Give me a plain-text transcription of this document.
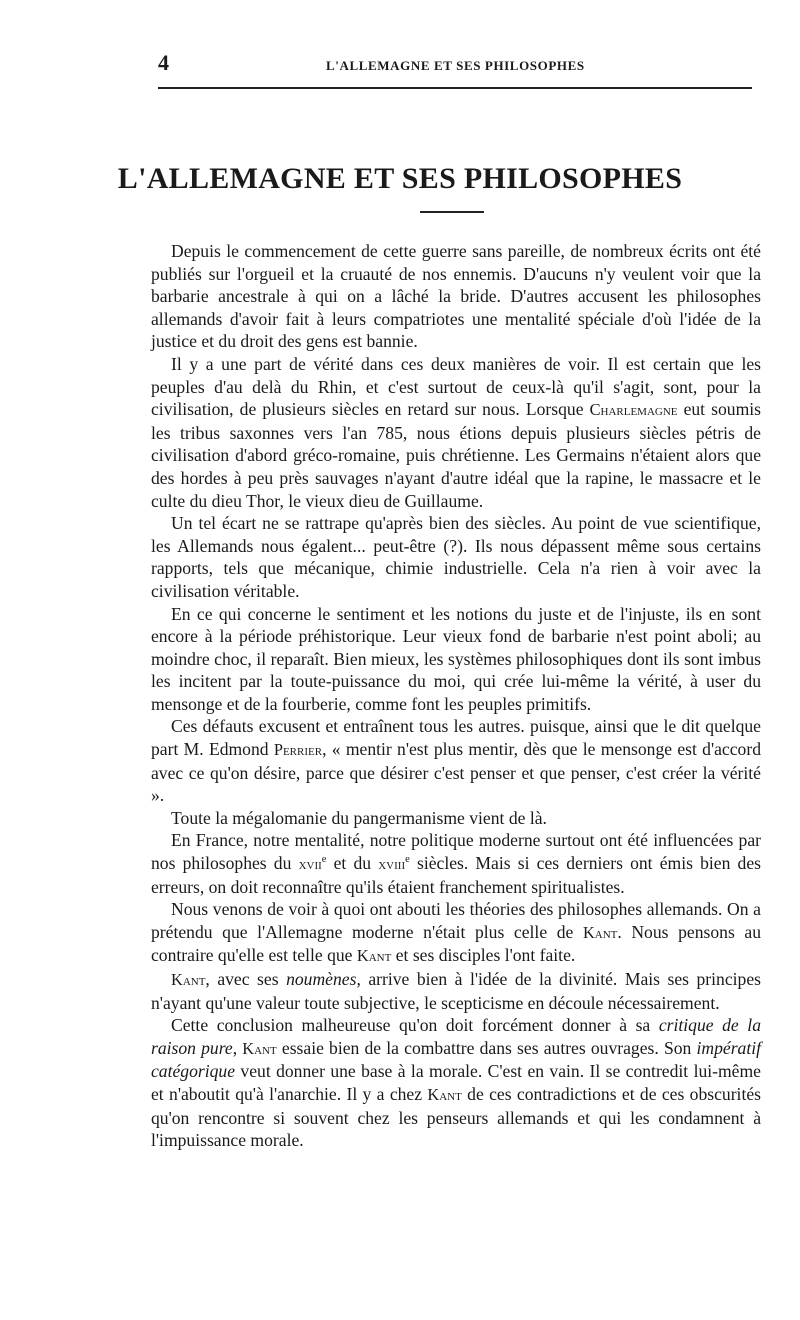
4	L'ALLEMAGNE ET SES PHILOSOPHES
L'ALLEMAGNE ET SES PHILOSOPHES

Depuis le commencement de cette guerre sans pareille, de nombreux écrits ont été publiés sur l'orgueil et la cruauté de nos ennemis. D'aucuns n'y veulent voir que la barbarie ancestrale à qui on a lâché la bride. D'autres accusent les philosophes allemands d'avoir fait à leurs compatriotes une mentalité spéciale d'où l'idée de la justice et du droit des gens est bannie.

Il y a une part de vérité dans ces deux manières de voir. Il est certain que les peuples d'au delà du Rhin, et c'est surtout de ceux-là qu'il s'agit, sont, pour la civilisation, de plusieurs siècles en retard sur nous. Lorsque Charlemagne eut soumis les tribus saxonnes vers l'an 785, nous étions depuis plusieurs siècles pétris de civilisation d'abord gréco-romaine, puis chrétienne. Les Germains n'étaient alors que des hordes à peu près sauvages n'ayant d'autre idéal que la rapine, le massacre et le culte du dieu Thor, le vieux dieu de Guillaume.

Un tel écart ne se rattrape qu'après bien des siècles. Au point de vue scientifique, les Allemands nous égalent... peut-être (?). Ils nous dépassent même sous certains rapports, tels que mécanique, chimie industrielle. Cela n'a rien à voir avec la civilisation véritable.

En ce qui concerne le sentiment et les notions du juste et de l'injuste, ils en sont encore à la période préhistorique. Leur vieux fond de barbarie n'est point aboli; au moindre choc, il reparaît. Bien mieux, les systèmes philosophiques dont ils sont imbus les incitent par la toute-puissance du moi, qui crée lui-même la vérité, à user du mensonge et de la fourberie, comme font les peuples primitifs.

Ces défauts excusent et entraînent tous les autres. puisque, ainsi que le dit quelque part M. Edmond Perrier, « mentir n'est plus mentir, dès que le mensonge est d'accord avec ce qu'on désire, parce que désirer c'est penser et que penser, c'est créer la vérité ».

Toute la mégalomanie du pangermanisme vient de là.

En France, notre mentalité, notre politique moderne surtout ont été influencées par nos philosophes du xvii$^e$ et du xviii$^e$ siècles. Mais si ces derniers ont émis bien des erreurs, on doit reconnaître qu'ils étaient franchement spiritualistes.

Nous venons de voir à quoi ont abouti les théories des philosophes allemands. On a prétendu que l'Allemagne moderne n'était plus celle de Kant. Nous pensons au contraire qu'elle est telle que Kant et ses disciples l'ont faite.

Kant, avec ses noumènes, arrive bien à l'idée de la divinité. Mais ses principes n'ayant qu'une valeur toute subjective, le scepticisme en découle nécessairement.

Cette conclusion malheureuse qu'on doit forcément donner à sa critique de la raison pure, Kant essaie bien de la combattre dans ses autres ouvrages. Son impératif catégorique veut donner une base à la morale. C'est en vain. Il se contredit lui-même et n'aboutit qu'à l'anarchie. Il y a chez Kant de ces contradictions et de ces obscurités qu'on rencontre si souvent chez les penseurs allemands et qui les condamnent à l'impuissance morale.
